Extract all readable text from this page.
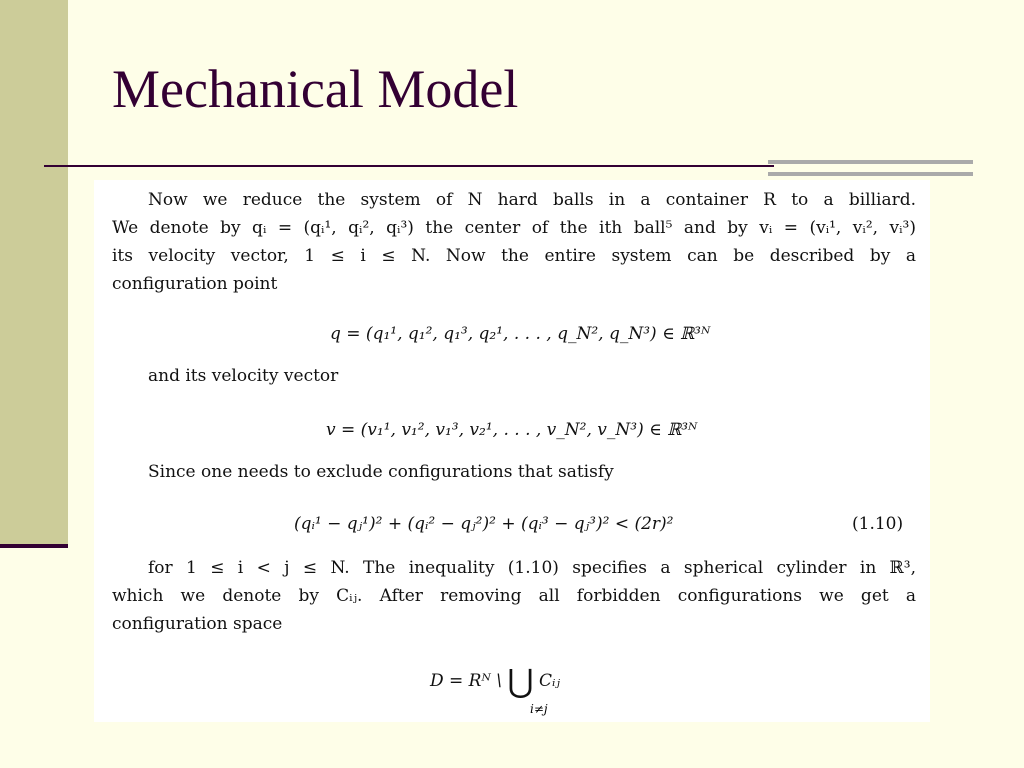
Mechanical Model

Now we reduce the system of N hard balls in a container R to a billiard.
We denote by qᵢ = (qᵢ¹, qᵢ², qᵢ³) the center of the ith ball⁵ and by vᵢ = (vᵢ¹, vᵢ², vᵢ³)
its velocity vector, 1 ≤ i ≤ N. Now the entire system can be described by a
configuration point

q = (q₁¹, q₁², q₁³, q₂¹, . . . , q_N², q_N³) ∈ ℝ³ᴺ

and its velocity vector

v = (v₁¹, v₁², v₁³, v₂¹, . . . , v_N², v_N³) ∈ ℝ³ᴺ

Since one needs to exclude configurations that satisfy

(qᵢ¹ − qⱼ¹)² + (qᵢ² − qⱼ²)² + (qᵢ³ − qⱼ³)² < (2r)²	(1.10)

for 1 ≤ i < j ≤ N. The inequality (1.10) specifies a spherical cylinder in ℝ³,
which we denote by Cᵢⱼ. After removing all forbidden configurations we get a
configuration space

D = Rᴺ \ ⋃ Cᵢⱼ
i≠j
